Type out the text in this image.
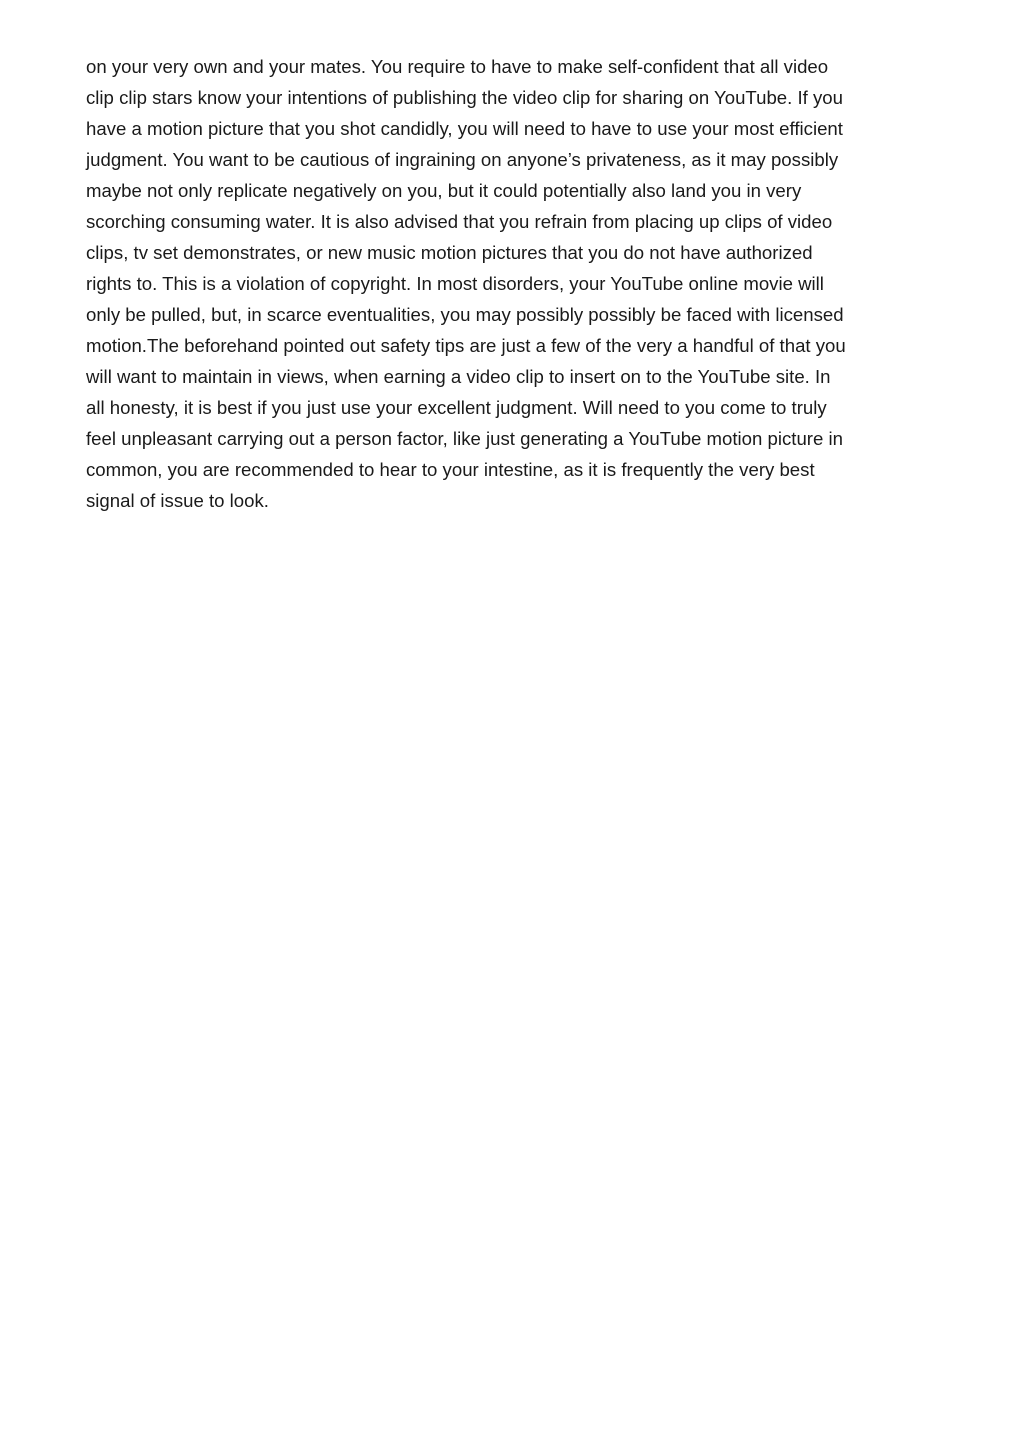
on your very own and your mates. You require to have to make self-confident that all video
clip clip stars know your intentions of publishing the video clip for sharing on YouTube. If you
have a motion picture that you shot candidly, you will need to have to use your most efficient
judgment. You want to be cautious of ingraining on anyone’s privateness, as it may possibly
maybe not only replicate negatively on you, but it could potentially also land you in very
scorching consuming water. It is also advised that you refrain from placing up clips of video
clips, tv set demonstrates, or new music motion pictures that you do not have authorized
rights to. This is a violation of copyright. In most disorders, your YouTube online movie will
only be pulled, but, in scarce eventualities, you may possibly possibly be faced with licensed
motion.The beforehand pointed out safety tips are just a few of the very a handful of that you
will want to maintain in views, when earning a video clip to insert on to the YouTube site. In
all honesty, it is best if you just use your excellent judgment. Will need to you come to truly
feel unpleasant carrying out a person factor, like just generating a YouTube motion picture in
common, you are recommended to hear to your intestine, as it is frequently the very best
signal of issue to look.
